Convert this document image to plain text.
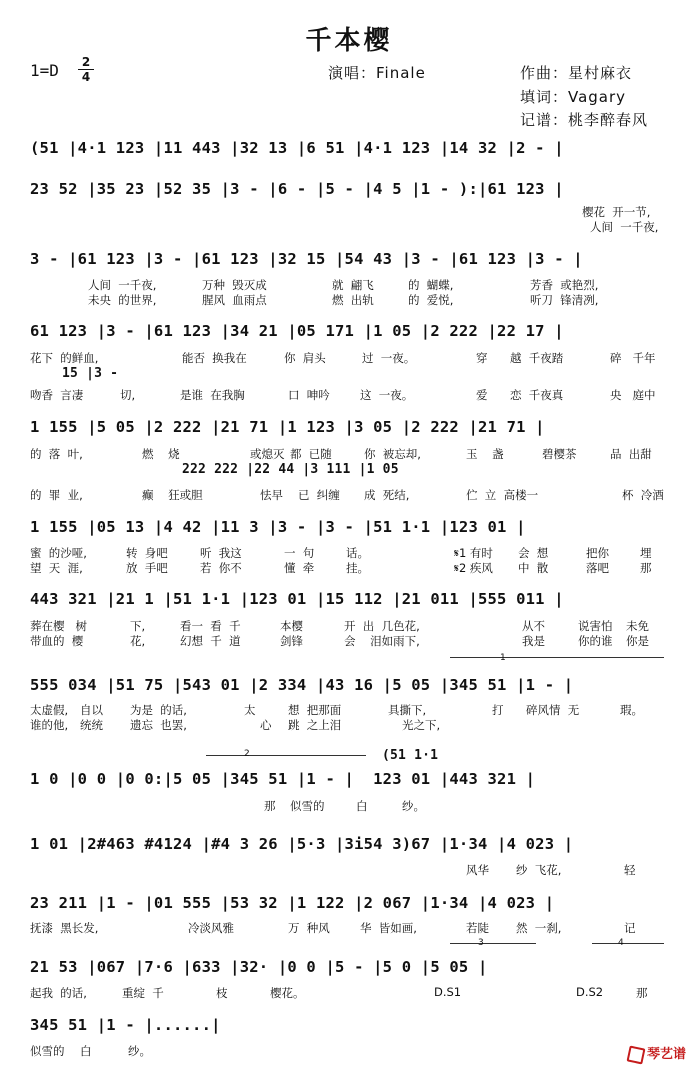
千本樱
1=D	2
4	演唱：Finale	作曲：星村麻衣
填词：Vagary
记谱：桃李醉春风
(51 |4·1 123 |11 443 |32 13 |6 51 |4·1 123 |14 32 |2 - |
23 52 |35 23 |52 35 |3 - |6 - |5 - |4 5 |1 - ):|61 123 |
樱花  开一节,
人间  一千夜,
3 - |61 123 |3 - |61 123 |32 15 |54 43 |3 - |61 123 |3 - |
人间  一千夜,	万种  毁灭成	就  翩飞	的  蝴蝶,	芳香  或艳烈,
未央  的世界,	腥风  血雨点	燃  出轨	的  爱悦,	听刀  锋清冽,
61 123 |3 - |61 123 |34 21 |05 171 |1 05 |2 222 |22 17 |
花下  的鲜血,	能否  换我在	你  肩头	过  一夜。	穿 越  千夜踏	碎   千年
15 |3 -
吻香  言凄	切,	是谁  在我胸	口  呻吟	这  一夜。	爱 恋  千夜真	央   庭中
1 155 |5 05 |2 222 |21 71 |1 123 |3 05 |2 222 |21 71 |
的  落  叶,	燃    烧	或熄灭 都  已随	你  被忘却,	玉    盏	碧樱茶	品  出甜
222 222 |22 44 |3 111 |1 05
的  罪  业,	癫    狂或胆	怯早 已  纠缠 成  死结,	伫  立  高楼一	杯  冷酒
1 155 |05 13 |4 42 |11 3 |3 - |3 - |51 1·1 |123 01 |
蜜  的沙哑,	转  身吧	听  我这	一  句	话。	𝄋1 有时 会  想	把你	埋
望  天  涯,	放  手吧	若  你不	懂  牵	挂。	𝄋2 疾风 中  散	落吧	那
443 321 |21 1 |51 1·1 |123 01 |15 112 |21 011 |555 011 |
葬在樱   树	下,	看一  看  千	本樱	开  出  几色花,	从不	说害怕 未免
带血的  樱	花,	幻想  千  道	剑锋	会    泪如雨下,	我是	你的谁 你是
1
555 034 |51 75 |543 01 |2 334 |43 16 |5 05 |345 51 |1 - |
太虚假, 自以 为是  的话,	太	想  把那面	具撕下,	打 碎风情  无	瑕。
谁的他, 统统 遗忘  也罢,	心 跳  之上泪	光之下,
2	(51 1·1
1 0 |0 0 |0 0:|5 05 |345 51 |1 - |  123 01 |443 321 |
那 似雪的	白	纱。
1 01 |2#463 #4124 |#4 3 26 |5·3 |3i54 3)67 |1·34 |4 023 |
风华 纱  飞花,	轻
23 211 |1 - |01 555 |53 32 |1 122 |2 067 |1·34 |4 023 |
抚漆  黑长发,	冷淡风雅	万  种风	华  皆如画,	若陡 然  一刹,	记
3	4
21 53 |067 |7·6 |633 |32· |0 0 |5 - |5 0 |5 05 |
起我  的话,	重绽  千	枝	樱花。	D.S1	D.S2	那
345 51 |1 - |......|
似雪的 白	纱。	琴艺谱
